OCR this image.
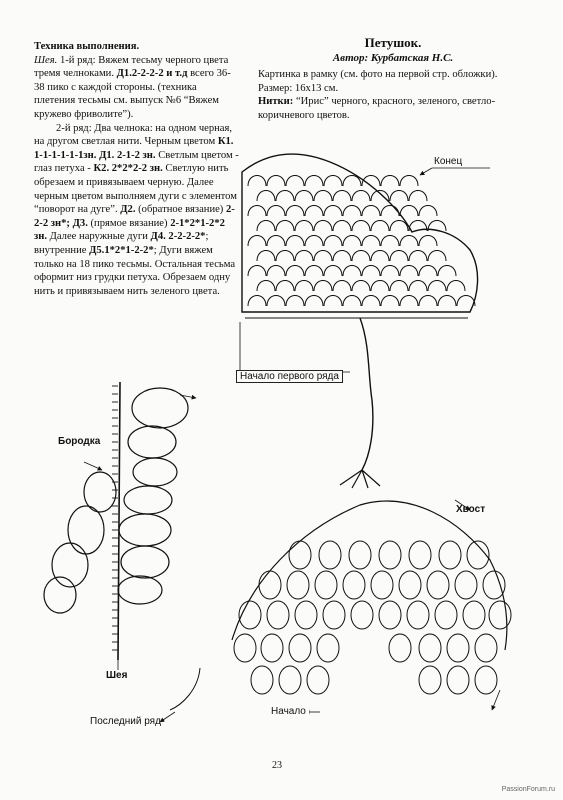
Техника выполнения.

Шея. 1-й ряд: Вяжем тесьму черного цвета тремя челноками. Д1.2-2-2-2 и т.д всего 36-38 пико с каждой стороны. (техника плетения тесьмы см. выпуск №6 “Вяжем кружево фриволите”).

2-й ряд: Два челнока: на одном черная, на другом светлая нити. Черным цветом К1. 1-1-1-1-1-1зн. Д1. 2-1-2 зн. Светлым цветом - глаз петуха - К2. 2*2*2-2 зн. Светлую нить обрезаем и привязываем черную. Далее черным цветом выполняем дуги с элементом “поворот на дуге”. Д2. (обратное вязание) 2-2-2 зн*; Д3. (прямое вязание) 2-1*2*1-2*2 зн. Далее наружные дуги Д4. 2-2-2-2*; внутренние Д5.1*2*1-2-2*; Дуги вяжем только на 18 пико тесьмы. Остальная тесьма оформит низ грудки петуха. Обрезаем одну нить и привязываем нить зеленого цвета.

Петушок.
Автор: Курбатская Н.С.

Картинка в рамку (см. фото на первой стр. обложки).

Размер: 16х13 см.

Нитки: “Ирис” черного, красного, зеленого, светло-коричневого цветов.

Конец
Начало первого ряда
Бородка
Шея
Хвост
Начало
Последний ряд
23
PassionForum.ru
